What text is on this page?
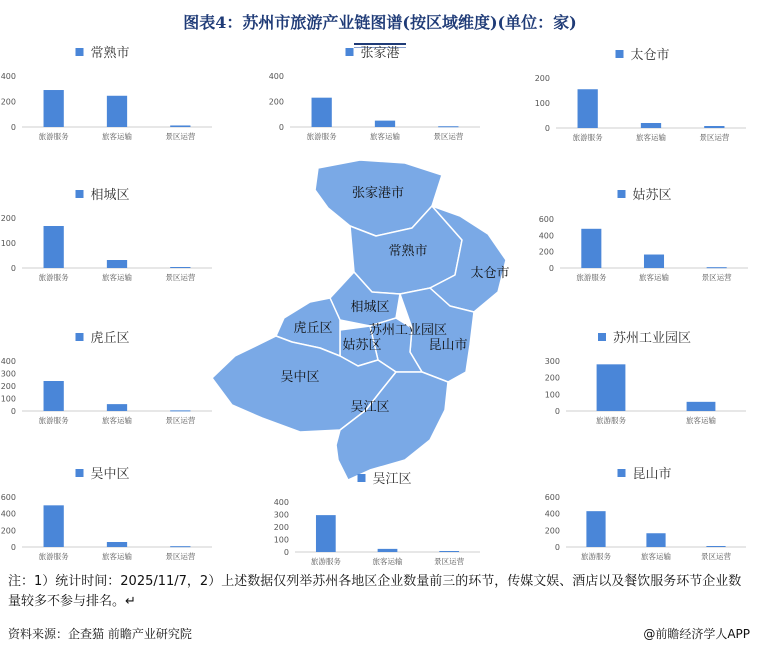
图表4：苏州市旅游产业链图谱(按区域维度)(单位：家)
张家港市
常熟市
太仓市
相城区
虎丘区
姑苏区
苏州工业园区
昆山市
吴中区
吴江区
常熟市
0
200
400
旅游服务	旅客运输	景区运营
张家港
0
200
400
旅游服务	旅客运输	景区运营
太仓市
0
100
200
旅游服务	旅客运输	景区运营
相城区
0
100
200
旅游服务	旅客运输	景区运营
姑苏区
0
200
400
600
旅游服务	旅客运输	景区运营
虎丘区
0
100
200
300
400
旅游服务	旅客运输	景区运营
苏州工业园区
0
100
200
300
旅游服务	旅客运输
吴中区
0
200
400
600
旅游服务	旅客运输	景区运营
吴江区
0
100
200
300
400
旅游服务	旅客运输	景区运营
昆山市
0
200
400
600
旅游服务	旅客运输	景区运营
注：1）统计时间：2025/11/7，2）上述数据仅列举苏州各地区企业数量前三的环节，传媒文娱、酒店以及餐饮服务环节企业数量较多不参与排名。↵
资料来源：企查猫 前瞻产业研究院	@前瞻经济学人APP
